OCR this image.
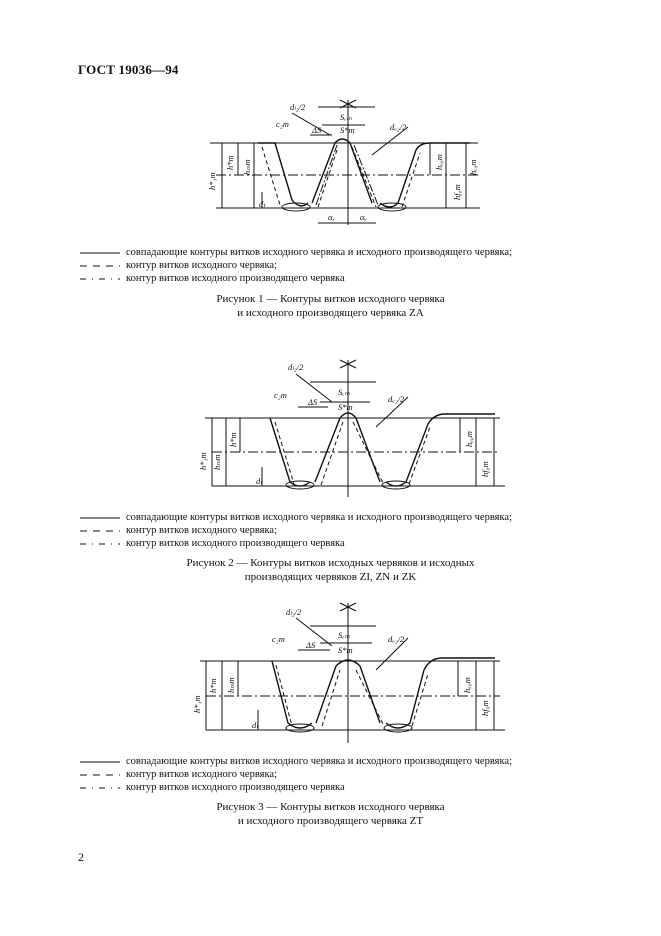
ГОСТ 19036—94
dₗ₂/2
Sₑₘ
S*m	dₐ₂/2
ΔS
c₂m
h*₁m
h*m hₘm
dₜ
hₐ₀m
hf₀m
hₑ₀m
αₓ	αᵧ
совпадающие контуры витков исходного червяка и исходного производящего червяка;
контур витков исходного червяка;
контур витков исходного производящего червяка
Рисунок 1 — Контуры витков исходного червяка
и исходного производящего червяка ZA
dₗ₂/2
Sₑₘ
S*m
dₐ₂/2
ΔS
c₂m
h*₁m hₘm
h*m
dₜ
hₐ₀m
hf₀m
совпадающие контуры витков исходного червяка и исходного производящего червяка;
контур витков исходного червяка;
контур витков исходного производящего червяка
Рисунок 2 — Контуры витков исходных червяков и исходных
производящих червяков ZI, ZN и ZK
dₗ₂/2
Sₑₘ
S*m
dₐ₂/2
ΔS
c₂m
h*₁m
h*m hₘm
dₜ
hₐ₀m
hf₀m
совпадающие контуры витков исходного червяка и исходного производящего червяка;
контур витков исходного червяка;
контур витков исходного производящего червяка
Рисунок 3 — Контуры витков исходного червяка
и исходного производящего червяка ZT
2
